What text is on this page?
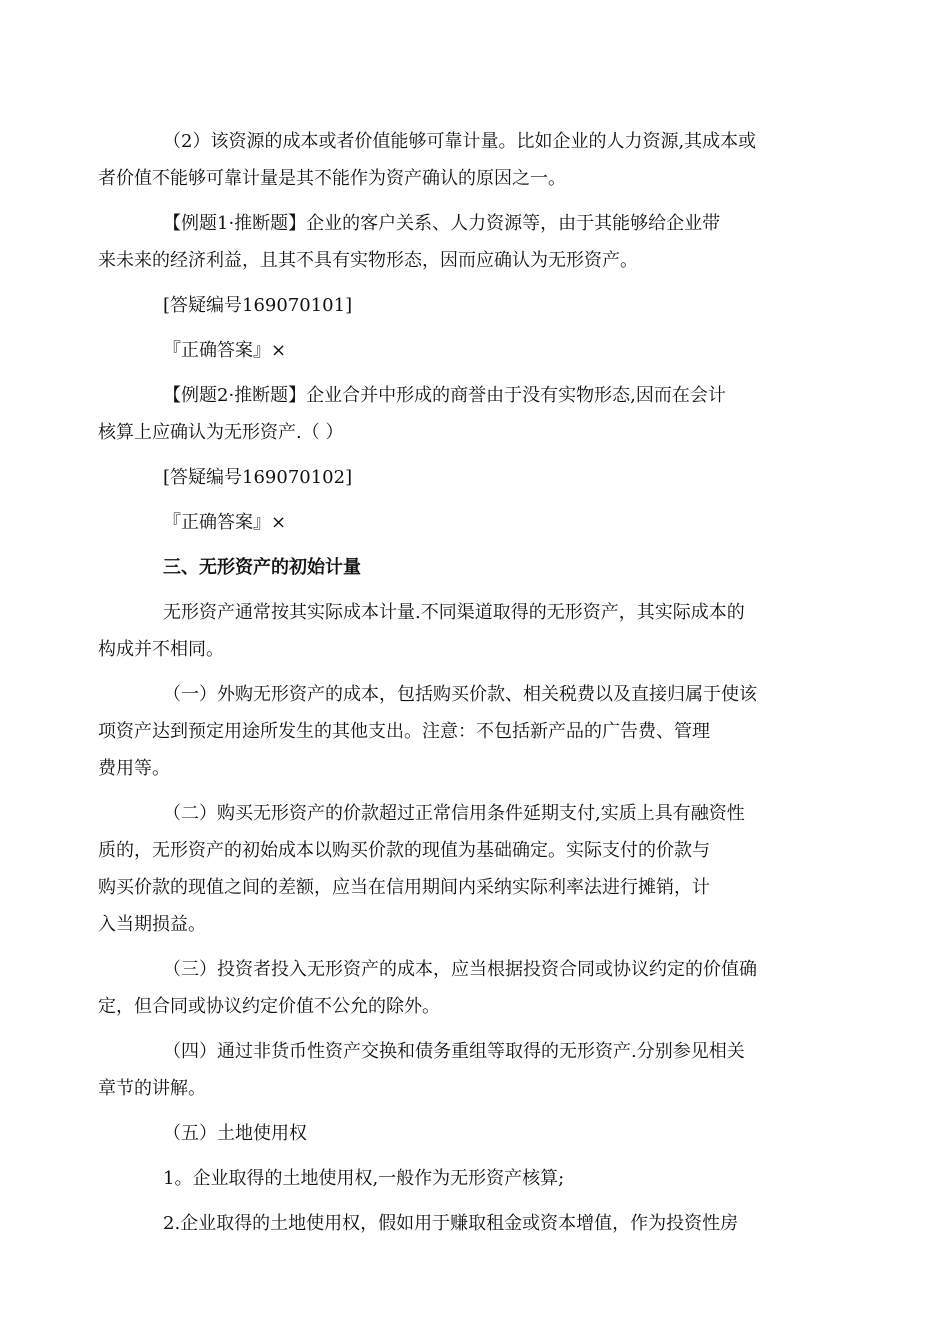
（2）该资源的成本或者价值能够可靠计量。比如企业的人力资源,其成本或
者价值不能够可靠计量是其不能作为资产确认的原因之一。
【例题1·推断题】企业的客户关系、人力资源等，由于其能够给企业带
来未来的经济利益，且其不具有实物形态，因而应确认为无形资产。
[答疑编号169070101]
『正确答案』×
【例题2·推断题】企业合并中形成的商誉由于没有实物形态,因而在会计
核算上应确认为无形资产.（ ）
[答疑编号169070102]
『正确答案』×
三、无形资产的初始计量
无形资产通常按其实际成本计量.不同渠道取得的无形资产，其实际成本的
构成并不相同。
（一）外购无形资产的成本，包括购买价款、相关税费以及直接归属于使该
项资产达到预定用途所发生的其他支出。注意：不包括新产品的广告费、管理
费用等。
（二）购买无形资产的价款超过正常信用条件延期支付,实质上具有融资性
质的，无形资产的初始成本以购买价款的现值为基础确定。实际支付的价款与
购买价款的现值之间的差额，应当在信用期间内采纳实际利率法进行摊销，计
入当期损益。
（三）投资者投入无形资产的成本，应当根据投资合同或协议约定的价值确
定，但合同或协议约定价值不公允的除外。
（四）通过非货币性资产交换和债务重组等取得的无形资产.分别参见相关
章节的讲解。
（五）土地使用权
1。企业取得的土地使用权,一般作为无形资产核算;
2.企业取得的土地使用权，假如用于赚取租金或资本增值，作为投资性房
